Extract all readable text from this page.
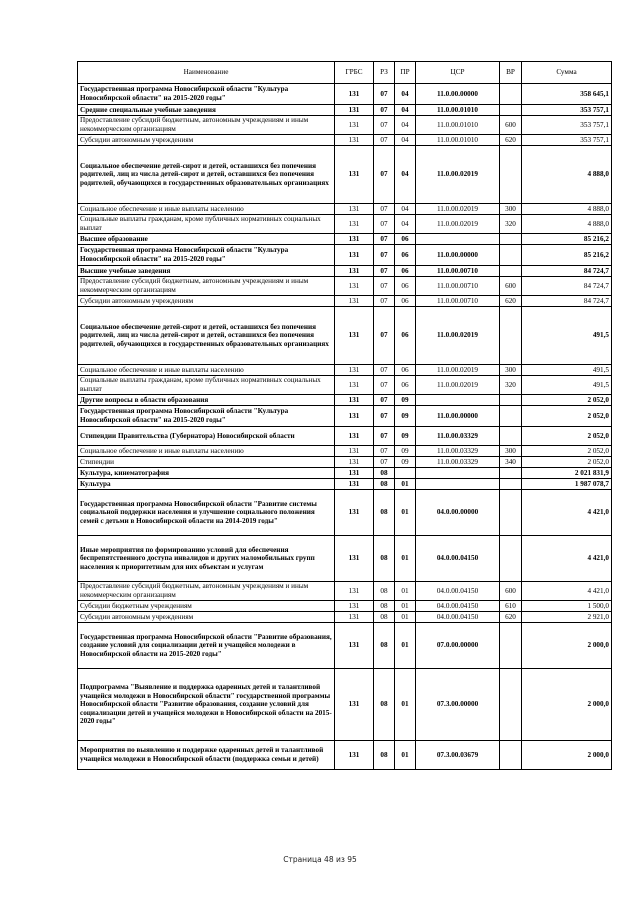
Наименование	ГРБС	РЗ	ПР	ЦСР	ВР	Сумма
Государственная программа Новосибирской области "Культура Новосибирской области" на 2015-2020 годы"	131	07	04	11.0.00.00000		358 645,1
Средние специальные учебные заведения	131	07	04	11.0.00.01010		353 757,1
Предоставление субсидий бюджетным, автономным учреждениям и иным некоммерческим организациям	131	07	04	11.0.00.01010	600	353 757,1
Субсидии автономным учреждениям	131	07	04	11.0.00.01010	620	353 757,1
Социальное обеспечение детей-сирот и детей, оставшихся без попечения родителей, лиц из числа детей-сирот и детей, оставшихся без попечения родителей, обучающихся в государственных образовательных организациях	131	07	04	11.0.00.02019		4 888,0
Социальное обеспечение и иные выплаты населению	131	07	04	11.0.00.02019	300	4 888,0
Социальные выплаты гражданам, кроме публичных нормативных социальных выплат	131	07	04	11.0.00.02019	320	4 888,0
Высшее образование	131	07	06			85 216,2
Государственная программа Новосибирской области "Культура Новосибирской области" на 2015-2020 годы"	131	07	06	11.0.00.00000		85 216,2
Высшие учебные заведения	131	07	06	11.0.00.00710		84 724,7
Предоставление субсидий бюджетным, автономным учреждениям и иным некоммерческим организациям	131	07	06	11.0.00.00710	600	84 724,7
Субсидии автономным учреждениям	131	07	06	11.0.00.00710	620	84 724,7
Социальное обеспечение детей-сирот и детей, оставшихся без попечения родителей, лиц из числа детей-сирот и детей, оставшихся без попечения родителей, обучающихся в государственных образовательных организациях	131	07	06	11.0.00.02019		491,5
Социальное обеспечение и иные выплаты населению	131	07	06	11.0.00.02019	300	491,5
Социальные выплаты гражданам, кроме публичных нормативных социальных выплат	131	07	06	11.0.00.02019	320	491,5
Другие вопросы в области образования	131	07	09			2 052,0
Государственная программа Новосибирской области "Культура Новосибирской области" на 2015-2020 годы"	131	07	09	11.0.00.00000		2 052,0
Стипендии Правительства (Губернатора) Новосибирской области	131	07	09	11.0.00.03329		2 052,0
Социальное обеспечение и иные выплаты населению	131	07	09	11.0.00.03329	300	2 052,0
Стипендии	131	07	09	11.0.00.03329	340	2 052,0
Культура, кинематография	131	08				2 021 831,9
Культура	131	08	01			1 987 078,7
Государственная программа Новосибирской области "Развитие системы социальной поддержки населения и улучшение социального положения семей с детьми в Новосибирской области на 2014-2019 годы"	131	08	01	04.0.00.00000		4 421,0
Иные мероприятия по формированию условий для обеспечения беспрепятственного доступа инвалидов и других маломобильных групп населения к приоритетным для них объектам и услугам	131	08	01	04.0.00.04150		4 421,0
Предоставление субсидий бюджетным, автономным учреждениям и иным некоммерческим организациям	131	08	01	04.0.00.04150	600	4 421,0
Субсидии бюджетным учреждениям	131	08	01	04.0.00.04150	610	1 500,0
Субсидии автономным учреждениям	131	08	01	04.0.00.04150	620	2 921,0
Государственная программа Новосибирской области "Развитие образования, создание условий для социализации детей и учащейся молодежи в Новосибирской области на 2015-2020 годы"	131	08	01	07.0.00.00000		2 000,0
Подпрограмма "Выявление и поддержка одаренных детей и талантливой учащейся молодежи в Новосибирской области" государственной программы Новосибирской области "Развитие образования, создание условий для социализации детей и учащейся молодежи в Новосибирской области на 2015-2020 годы"	131	08	01	07.3.00.00000		2 000,0
Мероприятия по выявлению и поддержке одаренных детей и талантливой учащейся молодежи в Новосибирской области (поддержка семьи и детей)	131	08	01	07.3.00.03679		2 000,0
Страница 48 из 95
